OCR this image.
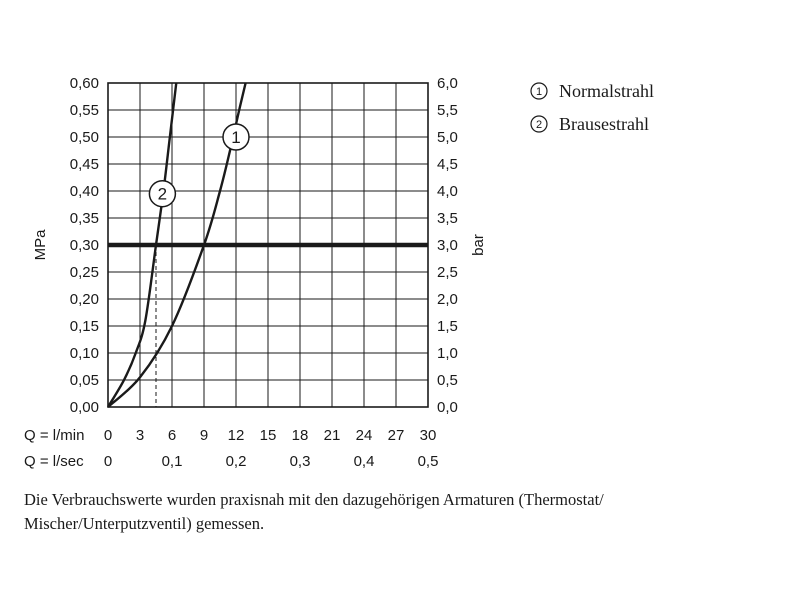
0,00
0,05
0,10
0,15
0,20
0,25
0,30
0,35
0,40
0,45
0,50
0,55
0,60
0,0
0,5
1,0
1,5
2,0
2,5
3,0
3,5
4,0
4,5
5,0
5,5
6,0
0 3 6 9 12 15 18 21 24 27 30
0	0,1	0,2	0,3	0,4	0,5
Q = l/min
Q = l/sec
MPa	bar
1
2
1 Normalstrahl
2 Brausestrahl

Die Verbrauchswerte wurden praxisnah mit den dazugehörigen Armaturen (Thermostat/ Mischer/Unterputzventil) gemessen.
